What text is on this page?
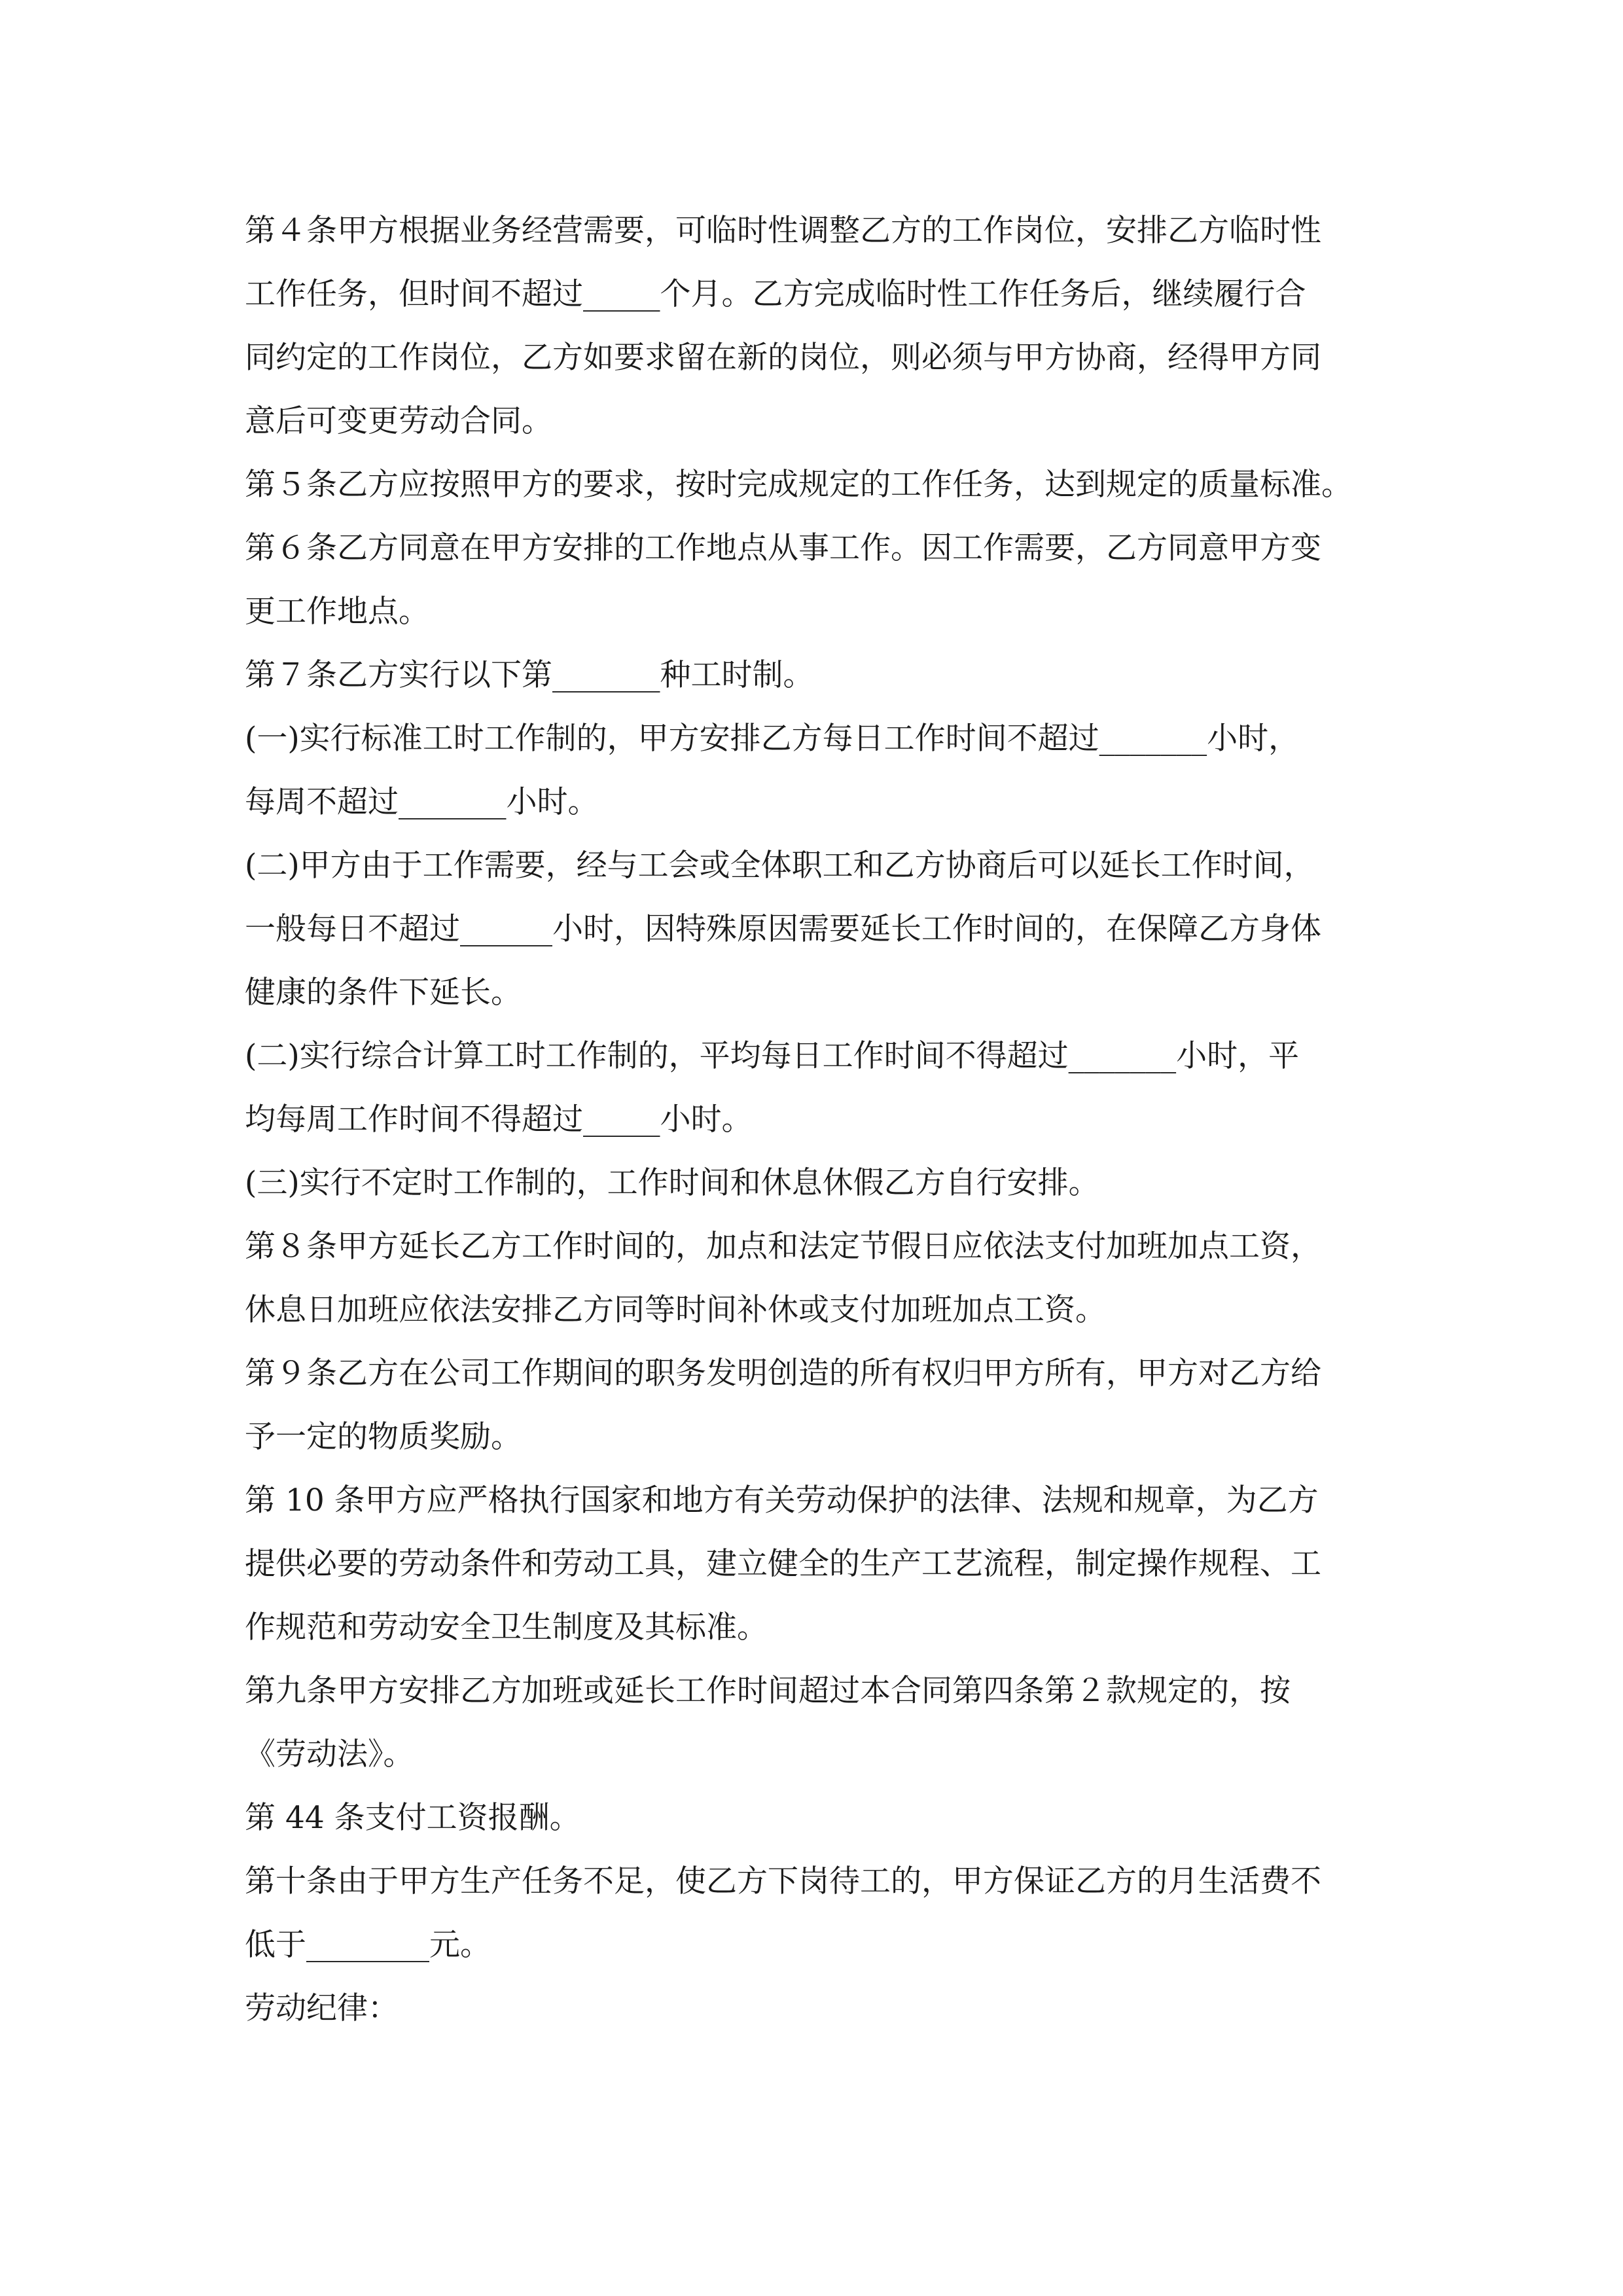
第４条甲方根据业务经营需要，可临时性调整乙方的工作岗位，安排乙方临时性
工作任务，但时间不超过_____个月。乙方完成临时性工作任务后，继续履行合
同约定的工作岗位，乙方如要求留在新的岗位，则必须与甲方协商，经得甲方同
意后可变更劳动合同。
第５条乙方应按照甲方的要求，按时完成规定的工作任务，达到规定的质量标准。
第６条乙方同意在甲方安排的工作地点从事工作。因工作需要，乙方同意甲方变
更工作地点。
第７条乙方实行以下第_______种工时制。
(一)实行标准工时工作制的，甲方安排乙方每日工作时间不超过_______小时，
每周不超过_______小时。
(二)甲方由于工作需要，经与工会或全体职工和乙方协商后可以延长工作时间，
一般每日不超过______小时，因特殊原因需要延长工作时间的，在保障乙方身体
健康的条件下延长。
(二)实行综合计算工时工作制的，平均每日工作时间不得超过_______小时，平
均每周工作时间不得超过_____小时。
(三)实行不定时工作制的，工作时间和休息休假乙方自行安排。
第８条甲方延长乙方工作时间的，加点和法定节假日应依法支付加班加点工资，
休息日加班应依法安排乙方同等时间补休或支付加班加点工资。
第９条乙方在公司工作期间的职务发明创造的所有权归甲方所有，甲方对乙方给
予一定的物质奖励。
第 10 条甲方应严格执行国家和地方有关劳动保护的法律、法规和规章，为乙方
提供必要的劳动条件和劳动工具，建立健全的生产工艺流程，制定操作规程、工
作规范和劳动安全卫生制度及其标准。
第九条甲方安排乙方加班或延长工作时间超过本合同第四条第２款规定的，按
《劳动法》。
第 44 条支付工资报酬。
第十条由于甲方生产任务不足，使乙方下岗待工的，甲方保证乙方的月生活费不
低于________元。
劳动纪律：
